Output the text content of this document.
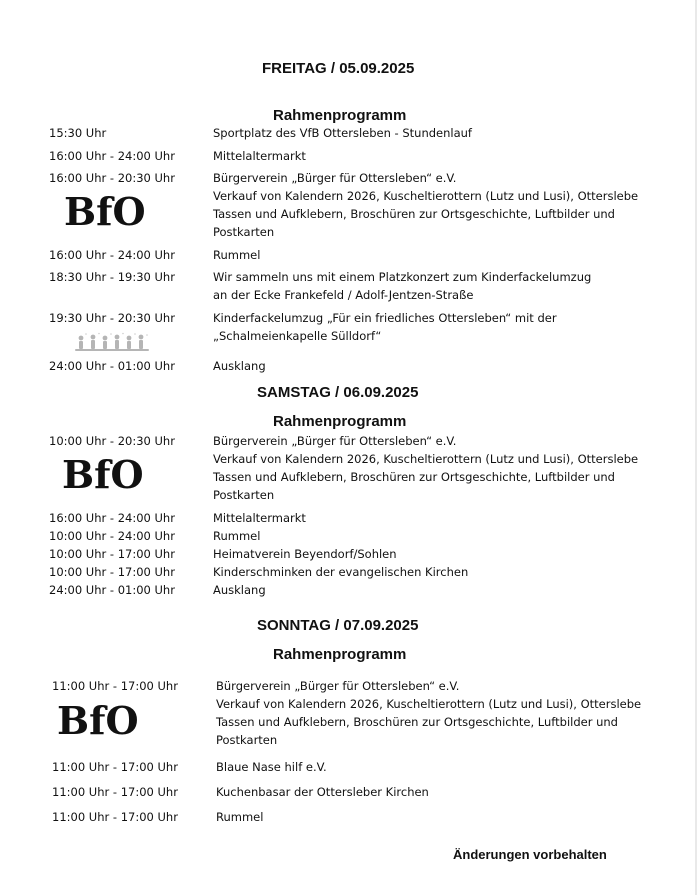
FREITAG / 05.09.2025
Rahmenprogramm
15:30 Uhr	Sportplatz des VfB Ottersleben - Stundenlauf
16:00 Uhr - 24:00 Uhr	Mittelaltermarkt
16:00 Uhr - 20:30 Uhr	Bürgerverein „Bürger für Ottersleben“ e.V.
Verkauf von Kalendern 2026, Kuscheltierottern (Lutz und Lusi), Otterslebe
Tassen und Aufklebern, Broschüren zur Ortsgeschichte, Luftbilder und
Postkarten
BfO
16:00 Uhr - 24:00 Uhr	Rummel
18:30 Uhr - 19:30 Uhr	Wir sammeln uns mit einem Platzkonzert zum Kinderfackelumzug
an der Ecke Frankefeld / Adolf-Jentzen-Straße
19:30 Uhr - 20:30 Uhr	Kinderfackelumzug „Für ein friedliches Ottersleben“ mit der
„Schalmeienkapelle Sülldorf“
24:00 Uhr - 01:00 Uhr	Ausklang
SAMSTAG / 06.09.2025
Rahmenprogramm
10:00 Uhr - 20:30 Uhr	Bürgerverein „Bürger für Ottersleben“ e.V.
Verkauf von Kalendern 2026, Kuscheltierottern (Lutz und Lusi), Otterslebe
Tassen und Aufklebern, Broschüren zur Ortsgeschichte, Luftbilder und
Postkarten
BfO
16:00 Uhr - 24:00 Uhr	Mittelaltermarkt
10:00 Uhr - 24:00 Uhr	Rummel
10:00 Uhr - 17:00 Uhr	Heimatverein Beyendorf/Sohlen
10:00 Uhr - 17:00 Uhr	Kinderschminken der evangelischen Kirchen
24:00 Uhr - 01:00 Uhr	Ausklang
SONNTAG / 07.09.2025
Rahmenprogramm
11:00 Uhr - 17:00 Uhr	Bürgerverein „Bürger für Ottersleben“ e.V.
Verkauf von Kalendern 2026, Kuscheltierottern (Lutz und Lusi), Otterslebe
Tassen und Aufklebern, Broschüren zur Ortsgeschichte, Luftbilder und
Postkarten
BfO
11:00 Uhr - 17:00 Uhr	Blaue Nase hilf e.V.
11:00 Uhr - 17:00 Uhr	Kuchenbasar der Ottersleber Kirchen
11:00 Uhr - 17:00 Uhr	Rummel
Änderungen vorbehalten
